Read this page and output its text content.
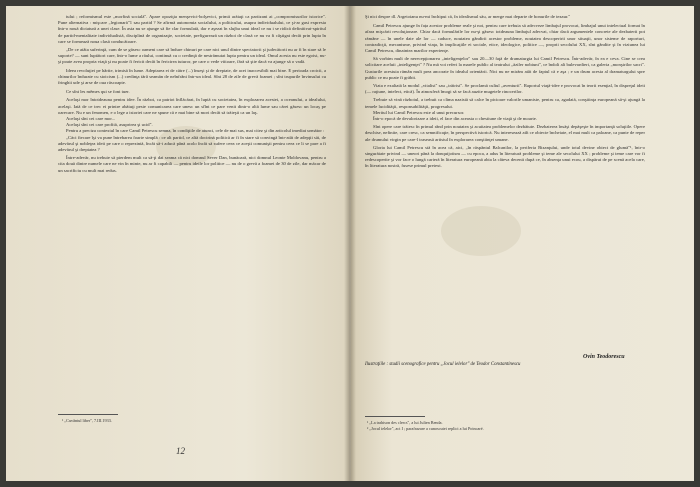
tului ; reformismul este „morfină socială". Apare opoziţia menşevici-bolşevici, primii arătaţi ca partizani ai „compromisurilor istorice". Pune alternativa : mişcare „legionară"1 sau partid ? Se afirmă autonomia socialului, a politicului, asupra individualului, ce şi-ar gasi expresia într-o nouă dictatură a unei clase. În asta nu se ajunge să fie clar formulată, dar e aşezat în slujba unui ideal ce nu i se ridică definitivat-spiritul de partid-mentalitate individualistă, disciplină de organizaţie, societate, prefigurează un război de clasă ce nu va fi câştigat decât prin lupta în care se formează noua clasă conducătoare.

„De ce atâta suferinţă, cum de se găsesc oameni care să îndure chinuri pe care nici unul dintre spectatorii şi judecătorii nu ar fi în stare să le suporte? — sunt luptători care, într-o lume a răului, continuă cu o credinţă de nestrămutat lupta pentru un ideal. Omul acesta nu este egoist, nu-şi poate avea propria viaţă şi nu poate fi fericit decât în fericirea tuturor, pe care o vede viitoare, fără să ştie dacă va ajunge să o vadă.

Ideea revoluţiei pe hârtie, trimisă în lume. Adeptarea ei de către (...) înseşi şi de dreptate, de acei inaccesibili mai bine. E perioada croicii, a chinurilor îndurate cu stoicism (...) credinţa tărâ seamăn de neînfrânt într-un ideal. Sînt 28 de zile de grevă foamei ; sînt trupurile învinsului cu fringhii ude şi arse de oua răscoapte.

Ce sînt les mêmes qui se font tuer.

Acelaşi mor întotdeauna pentru idee. În război, ca patriot înflăcărat, în luptă cu societatea, în explozarea acestei, a oceanului, a idealului, acelaşi. Iată de ce trec ei printre abătuţi peste comunicarea care unesc un sfînt ce pare venit dintr-o altă lume sau cărei găsesc un locaş pe oarecare. Nu e un fenomen, e o lege a istoriei care ne spune că e mai bine să mori decât să trăieşti ca un laş.

Acelaşi sînt cei care mor...

Acelaşi sînt cei care profită, asuprirea şi ucid".

Pentru a preciza contextul în care Camil Petrescu semna, în condiţiile de atunci, cele de mai sus, mai citez şi din articolul imediat următor :

„Căci fiecare îşi va pune întrebarea foarte simplă : ce alt partid, ce altă doctrină politică ar fi în stare să convingă într-atât de adepţii săi, de adevărul şi nobleţea ideii pe care o reprezintă, încât să-i aducă până acolo încât să sufere ceea ce aceşti comunişti pentru ceea ce li se pare a fi adevărul şi dreptatea ?

Între-adevăr, nu trebuie să pierdem mult ca să-ţi dai seama că nici domnul Sever Dan, bunăoară, nici domnul Leonte Moldovanu, pentru a cita două dintre numele care ne vin în minte, nu ar fi capabili — pentru ideile lor politice — nu de o grevă a foamei de 30 de zile, dar măcar de un sacrificiu cu mult mai redus.

¹ „Cuvântul liber", 7.III.1933.
12

Şi nici despre dl. Argetoianu nu-mi închipui că, în idealismul său, ar merge mai departe de bonurile de tezaur."

Camil Petrescu ajunge în fața acestor probleme reale şi noi, pentru care trebuia să adecveze limbajul provocat, limbajul unui intelectual format în afara mişcării revoluţionare. Chiar dacă formulările lor nu-şi găsesc totdeauna limbajul adecvat, chiar dacă argumentele concrete ale dezbaterii pot rămâne — în unele date ale lor — caduce, noutatea gândirii acestor probleme, noutatea descoperirii unor situaţii, unor sisteme de raporturi, contradicţii, mecanisme, privind viaţa, în implicaţiile ei sociale, etice, ideologice, politice —, proprii secolului XX, sînt gândite şi în viziunea lui Camil Petrescu, dinaintea marilor experienţe.

Să vorbim mult de nerecepţionarea „inteligenţelor" sau 20—30 faţă de dramaturgia lui Camil Petrescu. Într-adevăr, în ea e ceva. Cine se crea solicitare aceluii „inteligenţei" ? Nu mă voi referi la marele public al teatrului „ăziler nobiuni", ce îndoli ali bulevardieri, ca galeria „monştrilor sacri". Gusturile acestuia rămân mult prea ancorate în idealul orientării. Nici nu ne mirăm atât de faptul că e aşa ; e un drum acesta al dramaturgului spre public ce nu poate fi grăbit.

Viata e exaltată la modul „vitalist" sau „trăirist". Se proclamă cultul „aventurii". Raportul viaţă-idee e provocat în teorii esenţial, în dispreţul ideii (— raţiune, intelect, etică). În atmosferă îmogi să se facă auzite mugetele rinocerilor.

Trebuie să vină războiul, a trebuit ca clima nazistă să calce în picioare valorile umaniste, pentru ca, agadată, conştiinţa europeană să-şi ajungă la temele lucidităţii, responsabilităţii, progresului.

Meritul lui Camil Petrescu este al unui precursor.

Într-o epocă de devalorizare a ideii, el face din aceasta o chestiune de viaţă şi de moarte.

Sînt opere care trăiesc în primul rând prin noutatea şi acuitatea problemelor dezbătute. Dezbaterea însăşi depăşeşte în importanţă soluţiile. Opere deschise, nefinite, care cresc, ca semnificaţie, în perspectivă istorică. Nu interesează atît ce obiecte încheiate, el mai mult ca paloane, ca punte de reper ale drumului virgin pe care-l traseasă artistul în explorarea conştiinţei umane.

Gloria lui Camil Petrescu stă în acea că, aici, „în răspântul Balcanilor, la periferia Bizanţului, unde totul devine obiect de glumă"¹, într-o singurătate privind — uneori până la donquijotism — cu epoca, a adus în literatură probleme şi teme ale secolului XX ; probleme şi teme care vor fi redescoperite şi vor face o lungă carieră în literatura europeană abia la câteva decenii după ce, în absenţa unui ecou, a dispărut de pe scenă acela care, în literatura nostră, fusese primul pretext.

Ovin Teodorescu
Ilustraţiile : studii scenografice pentru „Jocul ielelor" de Teodor Constantinescu
¹ „La trahison des clercs", a lui Julien Benda.
² „Jocul ielelor", act I ; parafrazare a cunoscutei replici a lui Poincaré.
